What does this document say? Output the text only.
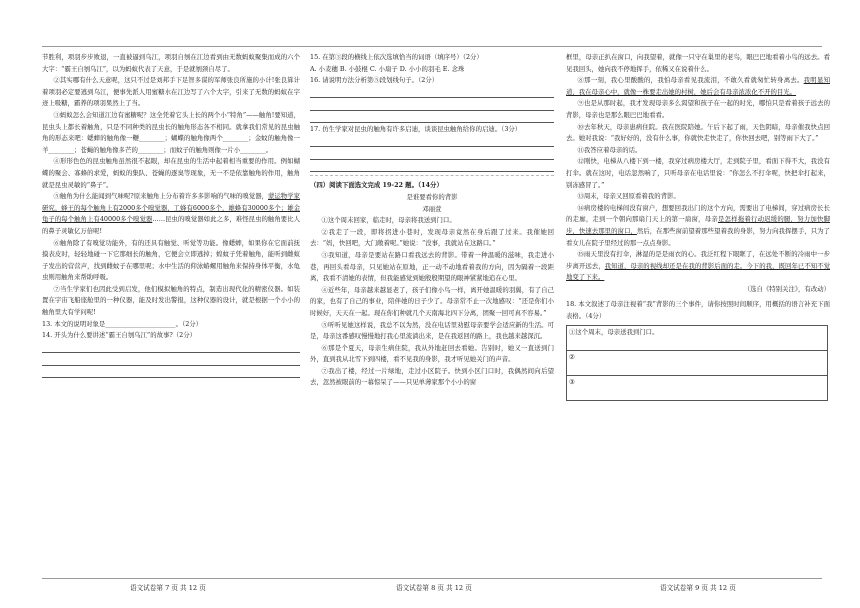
节胜利，项羽步步败退，一直被逼到乌江，项羽自刎在江边看到由无数蚂蚁聚集而成的六个大字：“霸王自刎乌江”，以为蚂蚁代表了天意，于是就刎颈自尽了。

②其实哪有什么天意呢，这只不过是刘邦手下足智多谋的军师张良所施的小计!张良算计着项羽必定要逃到乌江，便事先派人用蜜糖水在江边写了六个大字，引来了无数的蚂蚁在字迹上吸糖，霸养的项羽果然上了当。

③蚂蚁怎么会知道江边有蜜糖呢？这全凭着它头上长的两个小“特角”——触角!要知道，昆虫头上都长着触角，只是不同种类的昆虫长的触角形态各不相同。就拿我们常见的昆虫触角的形态来吧：蟋蟀的触角像一鞭________；蝴蝶的触角像两个________；金蚊的触角像一羊________；苍蝇的触角像多芒的________；而蚊子的触角则像一片小________。

④形形色色的昆虫触角虽然很不起眼，却在昆虫的生活中起着相当重要的作用。例如蝴蝶的聚会、寡蜂的求爱，蚂蚁的集队、苍蝇的逐臭等现象，无一不是依靠触角的作用，触角就是昆虫灵敏的“鼻子”。

⑤触角为什么能闻到气味呢?原来触角上分布着许多多影响的气味的嗅觉器，蒙运物学家研究，蜂王的每个触角上有2000多个嗅觉器，工蜂有6000多个，雄蜂有30000多个；雄金龟子的每个触角上有40000多个嗅觉器……昆虫的嗅觉器如此之多，难怪昆虫的触角要比人的鼻子灵敏亿万倍呢!

⑥触角除了有嗅觉功能外，有的还具有触觉、听觉等功能。像蟋蟀，如果你在它面前抚摸表皮时，轻轻地碰一下它那细长的触角，它便会立即逃掉；蝗蚊子凭着触角，能听到雌蚁子发出的营营声，找到雌蚊子在哪里呢；水中生活的仰泳蝽螺用触角来保持身体平衡，水龟虫则用触角来帮助呼吸。

⑦当生学家们也因此受到启发，他们模拟触角的特点，制造出现代化的精密仪器。如装置在宇宙飞船座舱里的一种仪器，能及时发出警报，这种仪器的设计，就是根据一个小小的触角里大有学问呢!

13. 本文的说明对象是______________________。（2分）

14. 开头为什么要讲述“霸王自刎乌江”的故事?（2分）

15. 在第③段的横线上依次选填恰当的词语（填序号）（2分）

A. 小麦穗 B. 小鼓棍 C. 小扇子 D. 小小的羽毛 E. 念珠

16. 请说明方法分析第⑤段划线句子。（2分）

17. 仿生学家对昆虫的触角有许多启迪，谈谈昆虫触角给你的启迪。（3分）

（四）阅读下面选文完成 19-22 题。（14分）

是谁要看你的背影

邓丽萱

①这个周末回家，临走时，母亲将我送到门口。

②我走了一段，即将拐进小巷时，发现母亲竟然在身后跟了过来。我催她回去：“妈，快回吧，大门敞着呢。”她说：“没事，我就站在这路口。”

③我知道，母亲是要站在路口看我远去的背影。带着一种温暖的滋味，我走进小巷，再回头看母亲，只见她站在原地，正一动不动地看着我的方向，因为隔着一段距离，我看不清她的表情，但我能感觉到她殷殷期望的眼神紧紧地追在心里。

④近些年，母亲越来越显老了，孩子们像小鸟一样，离开她温暖的羽翼，有了自己的家，也有了自己的事业，陪伴她的日子少了。母亲常不止一次地感叹：“还是你们小时候好，天天在一起。现在你们种就几个天南海北四下分离，团聚一回可真不容易。”

⑤听听见她这样说，我总不以为然，没在电话里劝慰母亲要学会适应新的生活。可是，母亲这番感叹慢慢地打我心里流淌出来，是在我返回的路上，我也越来越深沉。

⑥那是个夏天，母亲生病住院，我从外地赶回去看她。告别时，她又一直送到门外，直到我从北雪下到四楼，看不见我的身影，我才听见她关门的声音。

⑦我出了楼，经过一片绿地，走过小区院子。快到小区门口时，我偶然间向后望去，忽然被眼前的一幕惊呆了——只见单薄家那个小小的窗

框里，母亲正扒在窗口，向我望着，就像一只守在巢里的老鸟，眼巴巴地看着小鸟的远去。看见我回头，她向我不停地挥手，依稀又在说着什么。

⑧那一刻，我心里酸酸的，我怕母亲看见我流泪，不敢久看就匆忙转身离去。我明显知道，我在母亲心中，就像一株要走出她的村树，她后会有母亲浓浓化不开的目光。

⑨也是从那时起，我才发现母亲多么渴望和孩子在一起的时光，哪怕只是看着孩子远去的背影，母亲也是那么眼巴巴地看看。

⑩去年秋天，母亲患病住院。我在医院陪她。午后下起了雨，天色阴暗，母亲催我快点回去。她对我说：“我好好的，没有什么事，你就快走快走了，你快回去吧，别等雨下大了。”

⑪我答应着母亲的话。

⑫刚快，电梯从八楼下到一楼，我穿过病房楼大厅，走到院子里，看面下得不大，我没有打伞。就在这时，电话忽然响了，只听母亲在电话里说：“你怎么不打伞呢，快把伞打起来，别冻感冒了。”

⑬周末，母亲又回原看着我的背影。

⑭病房楼的电梯间没有窗户，想要回我出门的这个方向，需要出了电梯间，穿过病房长长的走廊，走到一个朝向那扇门天上的第一扇窗，母亲是怎样拖着行动迟缓的腿，努力加快脚步，快速去那里的窗口，然后，在那些窗前望着那些望着我的身影，努力向我挥摆手，只为了看女儿在院子里经过的那一点点身影。

⑮雨天里没有打伞，淋湿的是是雨衣的心。我泛红程下眼眶了，在远处不断的冷雨中一步步离开远去，我知道，母亲的视线却还是在我的背影后面的走。今下的我，既回年已不知不觉地变了下来。

（选自《特别关注》，有改动）

18. 本文叙述了母亲注视着“我”背影的三个事件，请你按照时间顺序，用概括的语言补充下面表格。（4分）

①这个周末，母亲送我到门口。
②
③
语文试卷第 7 页 共 12 页	语文试卷第 8 页 共 12 页	语文试卷第 9 页 共 12 页
